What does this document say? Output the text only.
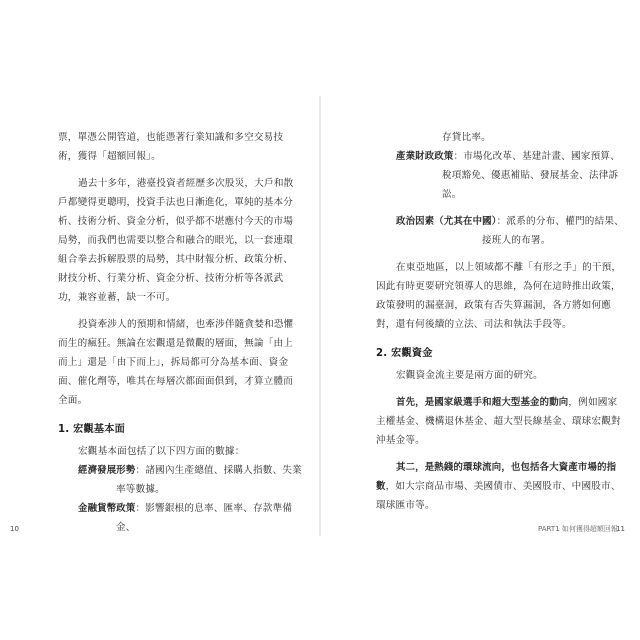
票，單憑公開管道，也能憑著行業知識和多空交易技術，獲得「超額回報」。

過去十多年，港臺投資者經歷多次股災，大戶和散戶都變得更聰明，投資手法也日漸進化，單純的基本分析、技術分析、資金分析，似乎都不堪應付今天的市場局勢，而我們也需要以整合和融合的眼光，以一套連環組合拳去拆解股票的局勢，其中財報分析、政策分析、財技分析、行業分析、資金分析、技術分析等各派武功，兼容並蓄，缺一不可。

投資牽涉人的預期和情緒，也牽涉伴隨貪婪和恐懼而生的瘋狂。無論在宏觀還是微觀的層面，無論「由上而上」還是「由下而上」，拆局都可分為基本面、資金面、催化劑等，唯其在每層次都面面俱到，才算立體而全面。

1. 宏觀基本面

宏觀基本面包括了以下四方面的數據：

經濟發展形勢：諸國內生產總值、採購人指數、失業率等數據。

金融貨幣政策：影響銀根的息率、匯率、存款準備金、

10

存貸比率。

產業財政政策：市場化改革、基建計畫、國家預算、稅項豁免、優惠補貼、發展基金、法律訴訟。

政治因素（尤其在中國）：派系的分布、權門的結果、接班人的布署。

在東亞地區，以上領域都不離「有形之手」的干預，因此有時更要研究領導人的思維，為何在這時推出政策，政策發明的漏臺洞，政策有否失算漏洞，各方將如何應對，還有何後續的立法、司法和執法手段等。

2. 宏觀資金

宏觀資金流主要是兩方面的研究。

首先，是國家級選手和超大型基金的動向，例如國家主權基金、機構退休基金、超大型長線基金、環球宏觀對沖基金等。

其二，是熱錢的環球流向，也包括各大資產市場的指數，如大宗商品市場、美國債市、美國股市、中國股市、環球匯市等。

PART1 如何獲得超額回報
11
